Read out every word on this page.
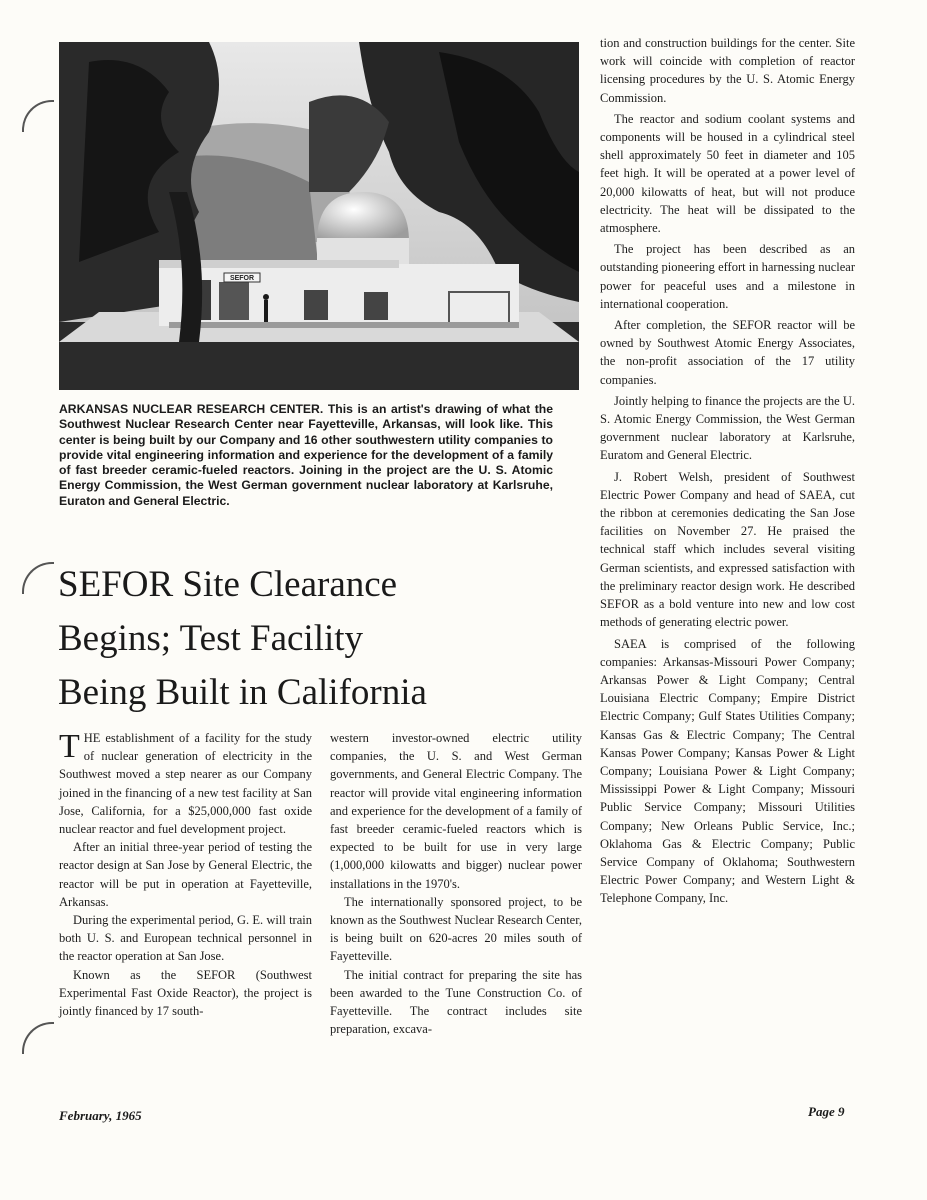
SEFOR
ARKANSAS NUCLEAR RESEARCH CENTER. This is an artist's drawing of what the Southwest Nuclear Research Center near Fayetteville, Arkansas, will look like. This center is being built by our Company and 16 other southwestern utility companies to provide vital engineering information and experience for the development of a family of fast breeder ceramic-fueled reactors. Joining in the project are the U. S. Atomic Energy Commission, the West German government nuclear laboratory at Karlsruhe, Euraton and General Electric.
SEFOR Site Clearance
Begins; Test Facility
Being Built in California

THE establishment of a facility for the study of nuclear generation of electricity in the Southwest moved a step nearer as our Company joined in the financing of a new test facility at San Jose, California, for a $25,000,000 fast oxide nuclear reactor and fuel development project.

After an initial three-year period of testing the reactor design at San Jose by General Electric, the reactor will be put in operation at Fayetteville, Arkansas.

During the experimental period, G. E. will train both U. S. and European technical personnel in the reactor operation at San Jose.

Known as the SEFOR (Southwest Experimental Fast Oxide Reactor), the project is jointly financed by 17 south-

western investor-owned electric utility companies, the U. S. and West German governments, and General Electric Company. The reactor will provide vital engineering information and experience for the development of a family of fast breeder ceramic-fueled reactors which is expected to be built for use in very large (1,000,000 kilowatts and bigger) nuclear power installations in the 1970's.

The internationally sponsored project, to be known as the Southwest Nuclear Research Center, is being built on 620-acres 20 miles south of Fayetteville.

The initial contract for preparing the site has been awarded to the Tune Construction Co. of Fayetteville. The contract includes site preparation, excava-

tion and construction buildings for the center. Site work will coincide with completion of reactor licensing procedures by the U. S. Atomic Energy Commission.

The reactor and sodium coolant systems and components will be housed in a cylindrical steel shell approximately 50 feet in diameter and 105 feet high. It will be operated at a power level of 20,000 kilowatts of heat, but will not produce electricity. The heat will be dissipated to the atmosphere.

The project has been described as an outstanding pioneering effort in harnessing nuclear power for peaceful uses and a milestone in international cooperation.

After completion, the SEFOR reactor will be owned by Southwest Atomic Energy Associates, the non-profit association of the 17 utility companies.

Jointly helping to finance the projects are the U. S. Atomic Energy Commission, the West German government nuclear laboratory at Karlsruhe, Euratom and General Electric.

J. Robert Welsh, president of Southwest Electric Power Company and head of SAEA, cut the ribbon at ceremonies dedicating the San Jose facilities on November 27. He praised the technical staff which includes several visiting German scientists, and expressed satisfaction with the preliminary reactor design work. He described SEFOR as a bold venture into new and low cost methods of generating electric power.

SAEA is comprised of the following companies: Arkansas-Missouri Power Company; Arkansas Power & Light Company; Central Louisiana Electric Company; Empire District Electric Company; Gulf States Utilities Company; Kansas Gas & Electric Company; The Central Kansas Power Company; Kansas Power & Light Company; Louisiana Power & Light Company; Mississippi Power & Light Company; Missouri Public Service Company; Missouri Utilities Company; New Orleans Public Service, Inc.; Oklahoma Gas & Electric Company; Public Service Company of Oklahoma; Southwestern Electric Power Company; and Western Light & Telephone Company, Inc.

February, 1965	Page 9
